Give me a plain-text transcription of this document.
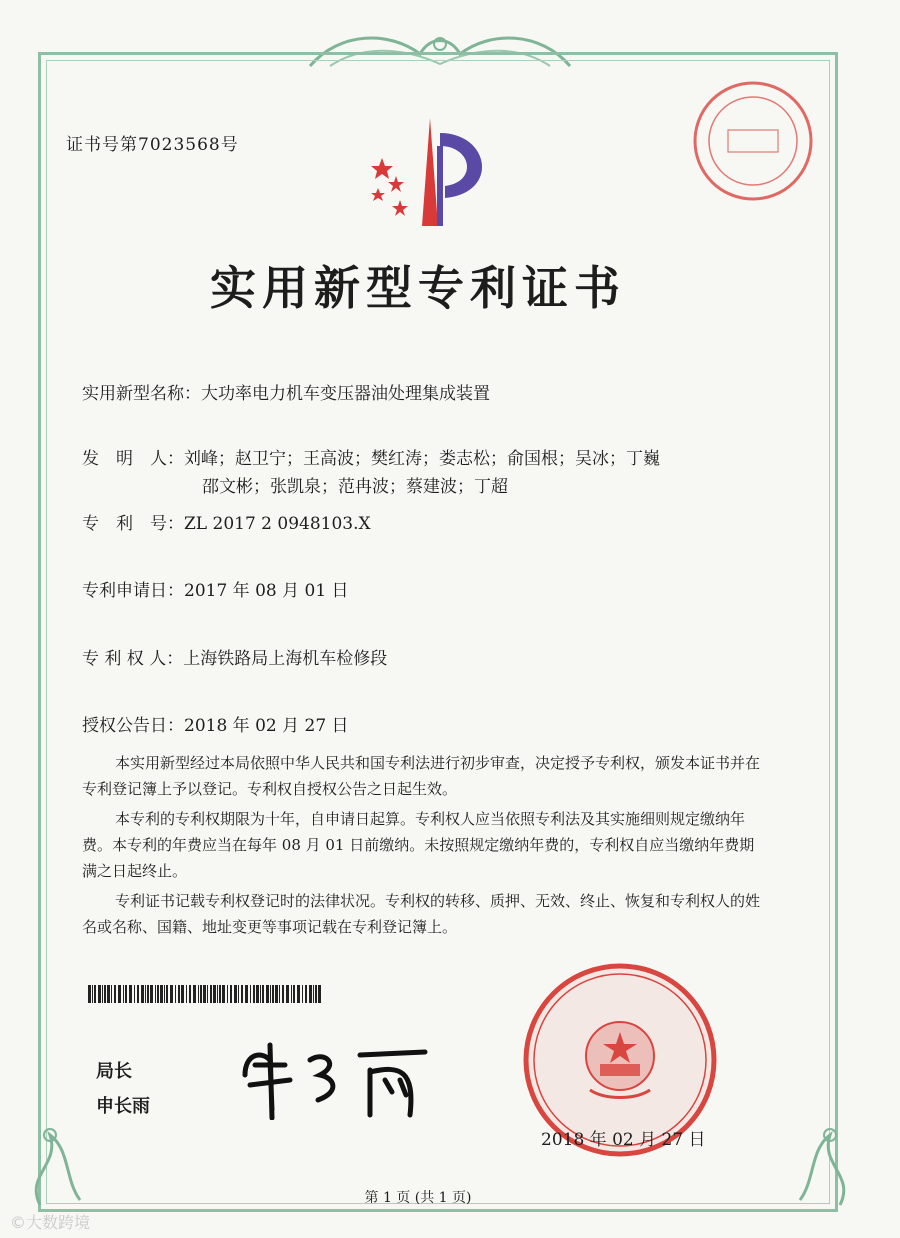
证书号第7023568号
实用新型专利证书
实用新型名称：大功率电力机车变压器油处理集成装置
发　明　人：刘峰；赵卫宁；王高波；樊红涛；娄志松；俞国根；吴冰；丁巍
邵文彬；张凯泉；范冉波；蔡建波；丁超
专　利　号：ZL 2017 2 0948103.X
专利申请日：2017 年 08 月 01 日
专 利 权 人：上海铁路局上海机车检修段
授权公告日：2018 年 02 月 27 日

本实用新型经过本局依照中华人民共和国专利法进行初步审查，决定授予专利权，颁发本证书并在专利登记簿上予以登记。专利权自授权公告之日起生效。

本专利的专利权期限为十年，自申请日起算。专利权人应当依照专利法及其实施细则规定缴纳年费。本专利的年费应当在每年 08 月 01 日前缴纳。未按照规定缴纳年费的，专利权自应当缴纳年费期满之日起终止。

专利证书记载专利权登记时的法律状况。专利权的转移、质押、无效、终止、恢复和专利权人的姓名或名称、国籍、地址变更等事项记载在专利登记簿上。

局长
申长雨
2018 年 02 月 27 日
第 1 页 (共 1 页)
©大数跨境
